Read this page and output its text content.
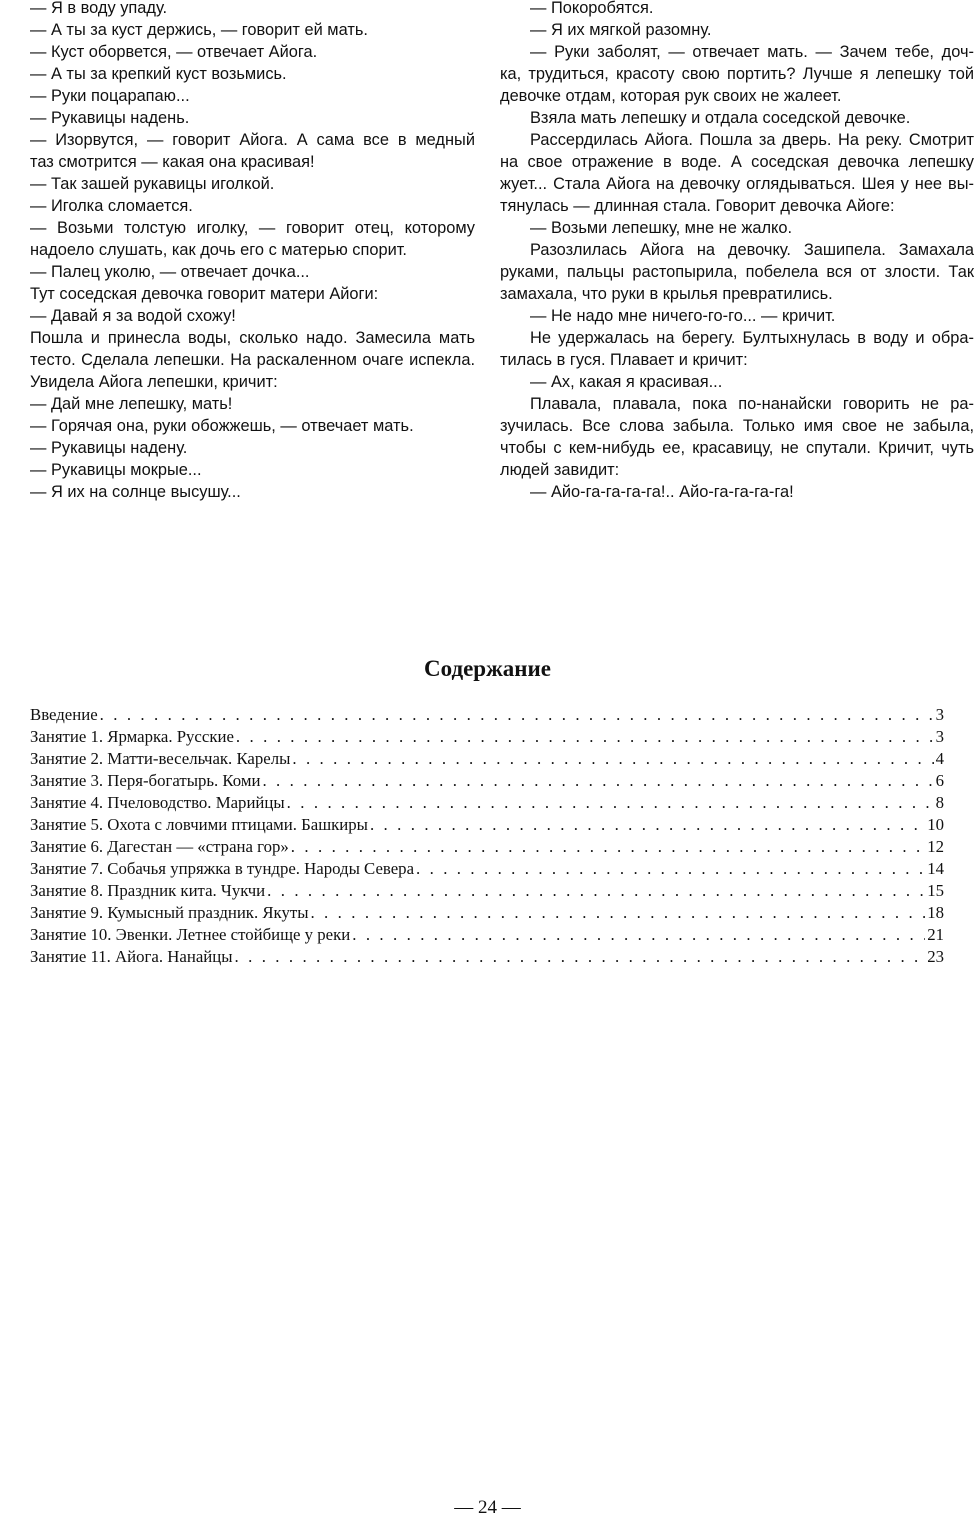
— Я в воду упаду.
— А ты за куст держись, — говорит ей мать.
— Куст оборвется, — отвечает Айога.
— А ты за крепкий куст возьмись.
— Руки поцарапаю...
— Рукавицы надень.
— Изорвутся, — говорит Айога. А сама все в медный
таз смотрится — какая она красивая!
— Так зашей рукавицы иголкой.
— Иголка сломается.
— Возьми толстую иголку, — говорит отец, которому
надоело слушать, как дочь его с матерью спорит.
— Палец уколю, — отвечает дочка...
Тут соседская девочка говорит матери Айоги:
— Давай я за водой схожу!
Пошла и принесла воды, сколько надо. Замесила мать
тесто. Сделала лепешки. На раскаленном очаге испекла.
Увидела Айога лепешки, кричит:
— Дай мне лепешку, мать!
— Горячая она, руки обожжешь, — отвечает мать.
— Рукавицы надену.
— Рукавицы мокрые...
— Я их на солнце высушу...
— Покоробятся.
— Я их мягкой разомну.
— Руки заболят, — отвечает мать. — Зачем тебе, доч-
ка, трудиться, красоту свою портить? Лучше я лепешку той
девочке отдам, которая рук своих не жалеет.
Взяла мать лепешку и отдала соседской девочке.
Рассердилась Айога. Пошла за дверь. На реку. Смотрит
на свое отражение в воде. А соседская девочка лепешку
жует... Стала Айога на девочку оглядываться. Шея у нее вы-
тянулась — длинная стала. Говорит девочка Айоге:
— Возьми лепешку, мне не жалко.
Разозлилась Айога на девочку. Зашипела. Замахала
руками, пальцы растопырила, побелела вся от злости. Так
замахала, что руки в крылья превратились.
— Не надо мне ничего-го-го... — кричит.
Не удержалась на берегу. Бултыхнулась в воду и обра-
тилась в гуся. Плавает и кричит:
— Ах, какая я красивая...
Плавала, плавала, пока по-нанайски говорить не ра-
зучилась. Все слова забыла. Только имя свое не забыла,
чтобы с кем-нибудь ее, красавицу, не спутали. Кричит, чуть
людей завидит:
— Айо-га-га-га-га!.. Айо-га-га-га-га!
Содержание
Введение . . .	3
Занятие 1. Ярмарка. Русские . . .	3
Занятие 2. Матти-весельчак. Карелы . . .	4
Занятие 3. Перя-богатырь. Коми . . .	6
Занятие 4. Пчеловодство. Марийцы . . .	8
Занятие 5. Охота с ловчими птицами. Башкиры . . .	10
Занятие 6. Дагестан — «страна гор» . . .	12
Занятие 7. Собачья упряжка в тундре. Народы Севера . . .	14
Занятие 8. Праздник кита. Чукчи . . .	15
Занятие 9. Кумысный праздник. Якуты . . .	18
Занятие 10. Эвенки. Летнее стойбище у реки . . .	21
Занятие 11. Айога. Нанайцы . . .	23
— 24 —
